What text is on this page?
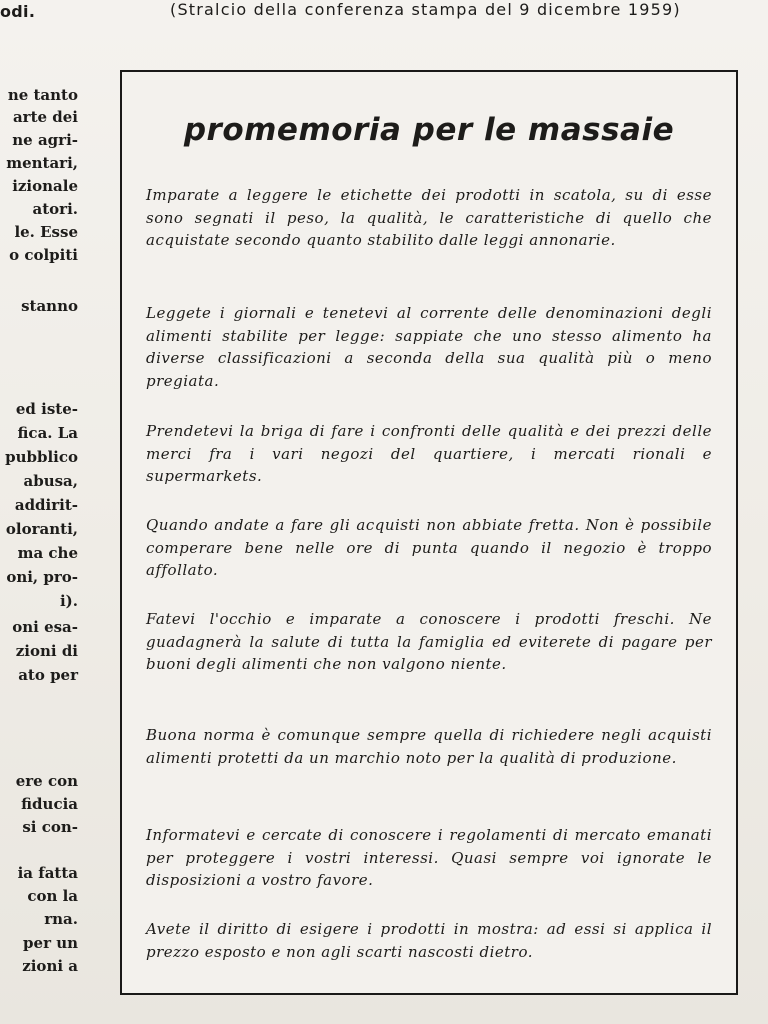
odi.	(Stralcio della conferenza stampa del 9 dicembre 1959)
ne tanto
arte dei
ne agri-
mentari,
izionale
atori.
le. Esse
o colpiti
stanno
ed iste-
fica. La
pubblico
abusa,
addirit-
oloranti,
ma che
oni, pro-
i).
oni esa-
zioni di
ato per
ere con
fiducia
si con-
ia fatta
con la
rna.
per un
zioni a
promemoria per le massaie

Imparate a leggere le etichette dei prodotti in scatola, su di esse sono segnati il peso, la qualità, le caratteristiche di quello che acquistate secondo quanto stabilito dalle leggi annonarie.

Leggete i giornali e tenetevi al corrente delle denominazioni degli alimenti stabilite per legge: sappiate che uno stesso alimento ha diverse classificazioni a seconda della sua qualità più o meno pregiata.

Prendetevi la briga di fare i confronti delle qualità e dei prezzi delle merci fra i vari negozi del quartiere, i mercati rionali e supermarkets.

Quando andate a fare gli acquisti non abbiate fretta. Non è possibile comperare bene nelle ore di punta quando il negozio è troppo affollato.

Fatevi l'occhio e imparate a conoscere i prodotti freschi. Ne guadagnerà la salute di tutta la famiglia ed eviterete di pagare per buoni degli alimenti che non valgono niente.

Buona norma è comunque sempre quella di richiedere negli acquisti alimenti protetti da un marchio noto per la qualità di produzione.

Informatevi e cercate di conoscere i regolamenti di mercato emanati per proteggere i vostri interessi. Quasi sempre voi ignorate le disposizioni a vostro favore.

Avete il diritto di esigere i prodotti in mostra: ad essi si applica il prezzo esposto e non agli scarti nascosti dietro.
